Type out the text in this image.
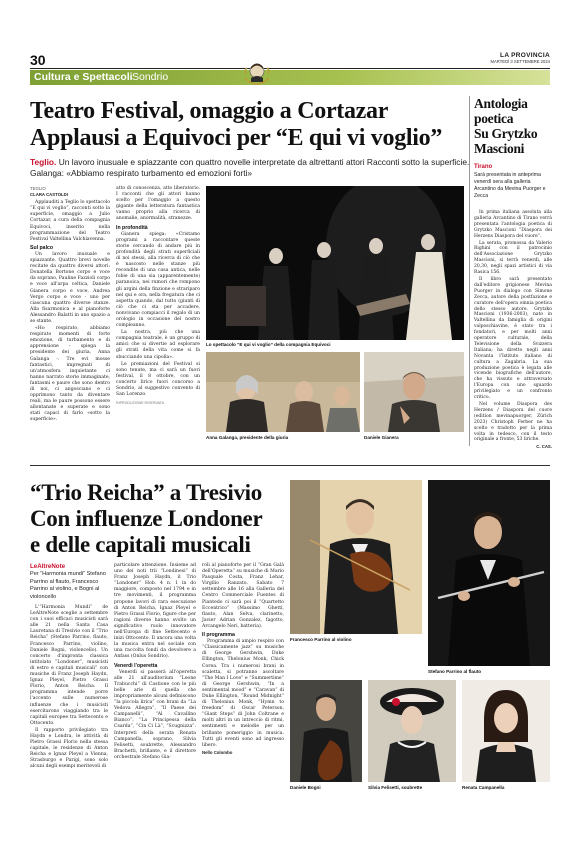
30	LA PROVINCIA
MARTEDÌ 3 SETTEMBRE 2024
Cultura e Spettacoli Sondrio
Teatro Festival, omaggio a Cortazar
Applausi a Equivoci per “E qui vi voglio”
Teglio. Un lavoro inusuale e spiazzante con quattro novelle interpretate da altrettanti attori Racconti sotto la superficie. Galanga: «Abbiamo respirato turbamento ed emozioni forti»
TEGLIO
CLARA CASTOLDI

Applauditi a Teglio lo spettacolo “E qui vi voglio”, racconti sotto la superficie, omaggio a Julio Cortazar, a cura della compagnia Equivoci, inserito nella programmazione del Teatro Festival Valtellina Valchiavenna.

Sul palco

Un lavoro inusuale e spiazzante. Quattro brevi novelle recitate da quattro diversi attori: Donatella Bortone corpo e voce da soprano, Pauline Fazzioli corpo e voce all'arpa celtica, Daniele Gianera corpo e voce, Andrea Vergo corpo e voce - uno per ciascuna quattro diverse stanze. Alla fisarmonica e al pianoforte Alessandro Balatti in uno spazio a se stante.

«Ho respirato, abbiamo respirato momenti di forte emozione, di turbamento e di apprensione – spiega la presidente dei giuria, Anna Galanga -. Tre evi mosse fantastici, impregnati di un'atmosfera inquietante ci hanno narrato storie immaginate, fantasmi e paure che sono dentro di noi, ci angosciano e ci opprimono tanto da diventare reali, ma le paure possono essere allontanate e superate e sono stati capaci di farlo «sotto la superficie».

atto di conoscenza, atto liberatorio. I racconti che gli attori hanno scelto per l'omaggio a questo gigante della letteratura fantastica vanno proprio alla ricerca di anomalie, anormalità, stranezze.

In profondità

Gianera spiega: «Cristamo programi a raccontare queste storie cercando di andare più in profondità degli strati superficiali di noi stessi, alla ricerca di ciò che è nascosto nelle stanze più recondite di una casa antica, nelle fobie di una sia (apparentemente) paranoica, nei rumori che rompono gli argini della finzione e strariparo nel qui e ora, nella fregatura che ci aspetta quando, dal tutto (giunti di ciò che ci sta per accadere, nonvivano compiacci il regalo di un orologio in occasione del nostro compleanno.

La nostra, più che una compagnia teatrale, è un gruppo di amici che si divertie ad esplorare gli strati della vita come si fa sbucciando una cipolla».

Le premiazioni del Festival si sono tenute, ma ci sarà un fuori festival, il 8 ottobre, con un concerto lirico fuori concorso a Sondrio, al suggestivo convento di San Lorenzo.

RIPRODUZIONE RISERVATA
Lo spettacolo “E qui vi voglio” della compagnia Equivoci
Anna Galanga, presidente della giuria	Daniele Gianera
Antologia
poetica
Su Grytzko
Mascioni
Tirano
Sarà presentata in anteprima venerdì sera alla galleria Arcantino da Mevina Puorger e Zecca

In prima italiana assoluta alla galleria Arcantino di Tirano verrà presentata l'antologia poetica di Grytzko Mascioni “Diaspora dei Herzens Diaspora del cuore”.

La serata, promossa da Valerio Righini con il patrocinio dell'Associazione Grytzko Mascioni, si terrà venerdì, alle 20,30, negli spazi artistici di via Rasica 156.

Il libro sarà presentato dall'editore grigionese Mevina Puorger in dialogo con Simone Zecca, autore della postfazione e curatore dell'opera omnia poetica dello stesso autore. Grytzko Mascioni (1936-2003), nato in Valtellina da famiglia di origini valposchiavine, è stato tra i fondatori, e per molti anni operatore culturale, della Televisione della Svizzera Italiana; ha diretto negli anni Novanta l'Istituto italiano di cultura a Zagabria. La sua produzione poetica è legata alle vicende biografiche dell'autore, che ha vissuto e attraversato l'Europa con uno sguardo privilegiato e un confronto critico.

Nel volume Diaspora des Herzens / Diaspora del cuore (edition mevinapuorger, Zürich 2023) Christoph Ferber ne ha scelto e tradotto per la prima volta in tedesco, con il testo originale a fronte, 53 liriche.

C. CAS.
“Trio Reicha” a Tresivio
Con influenze Londoner
e delle capitali musicali
LeAltreNote
Per “Harmonia mundi” Stefano Parrino al flauto, Francesco Parrino al violino, e Bogni al violoncello

L'“Harmonia Mundi” de LeAltreNote sceglie a settembre con i suoi efficaci musicisti sarà alle 21 nella Santa Casa Lauretana di Tresivio con il “Trio Reicha” (Stefano Parrino, flauto, Francesco Parrino, violino, Daniele Bogni, violoncello). Un concerto d'impronta classica intitolato “Londoner”, musicisti di estro e capitali musicali” con musiche di Franz Joseph Haydn, Ignaz Pleyel, Pietro Grassi Florio, Anton Reicha. Il programma intende porre l'accento sulle numerose influenze che i musicisti esercitarono viaggiando tra le capitali europee tra Settecento e Ottocento.

Il rapporto privilegiato tra Haydn e Londra, le attività di Pietro Grassi Florio nella stessa capitale, le residenze di Anton Reicha e Ignaz Pleyel a Vienna, Strasburgo e Parigi, sono solo alcuni degli esempi meritevoli di

particolare attenzione. Insieme ad uno dei noti trii “Londinesi” di Franz Joseph Haydn, il Trio “Londoner” Hob. 4 n. 1 in do maggiore, composto nel 1794 e in tre movimenti, il programma propone lavori di rara esecuzione di Anton Reicha, Ignaz Pleyel e Pietro Grassi Florio, figure che per ragioni diverse hanno svolto un significativo ruolo innovatore nell'Europa di fine Settecento e inizi Ottocento. Il ancora una volta la musica entra nel sociale con una raccolta fondi da devolvere a Anfass (Onlus Sondrio).

Venerdì l'operetta

Venerdì si passerà all'operetta alle 21 all'auditorium “Leone Trabucchi” di Castione con le più belle arie di quella che impropriamente alcuni definiscono “la piccola lirica” con brani da “La Vedova Allegra”, “Il Paese dei Campanelli”, “Al Cavallino Bianco”, “La Principessa della Csarda”, “Cin Ci Là”, “Scugnizza”. Interpreti della serata Renata Campanella, soprano, Silvia Felisetti, soubrette, Alessandro Brachetti, brillante, e il direttore orchestrale Stefano Gia-

roli al pianoforte per il “Gran Galà dell'Operetta” su musiche di Mario Pasquale Costa, Franz Lehar, Virgilio Ranzato. Sabato 7 settembre alle 16 alla Galleria del Centro Commerciale Fuentes di Piantedo ci sarà poi il “Quartetto Eccentrico” (Massimo Ghetti, flauto, Alan Selva, clarinetto, Javier Adrian Gonzalez, fagotto, Arcangelo Neri, batteria).

Il programma

Programma di ampio respiro con “Classicamente jazz” su musiche di George Gershwin, Duke Ellington, Thelonius Monk, Chick Corea. Tra i numerosi brani in scaletta, si potranno ascoltare “The Man I Love” e “Summertime” di George Gershwin, “In a sentimental mood” e “Caravan” di Duke Ellington, “Round Midnight” di Thelonius Monk, “Hymn to freedom” di Oscar Peterson, “Giant Steps” di John Coltrane e molti altri in un intreccio di ritmi, sentimenti e melodie per un brillante pomeriggio in musica. Tutti gli eventi sono ad ingresso libero.

Nello Colombo
Francesco Parrino al violino
Stefano Parrino al flauto
Daniele Bogni	Silvia Felisetti, soubrette	Renata Campanella
